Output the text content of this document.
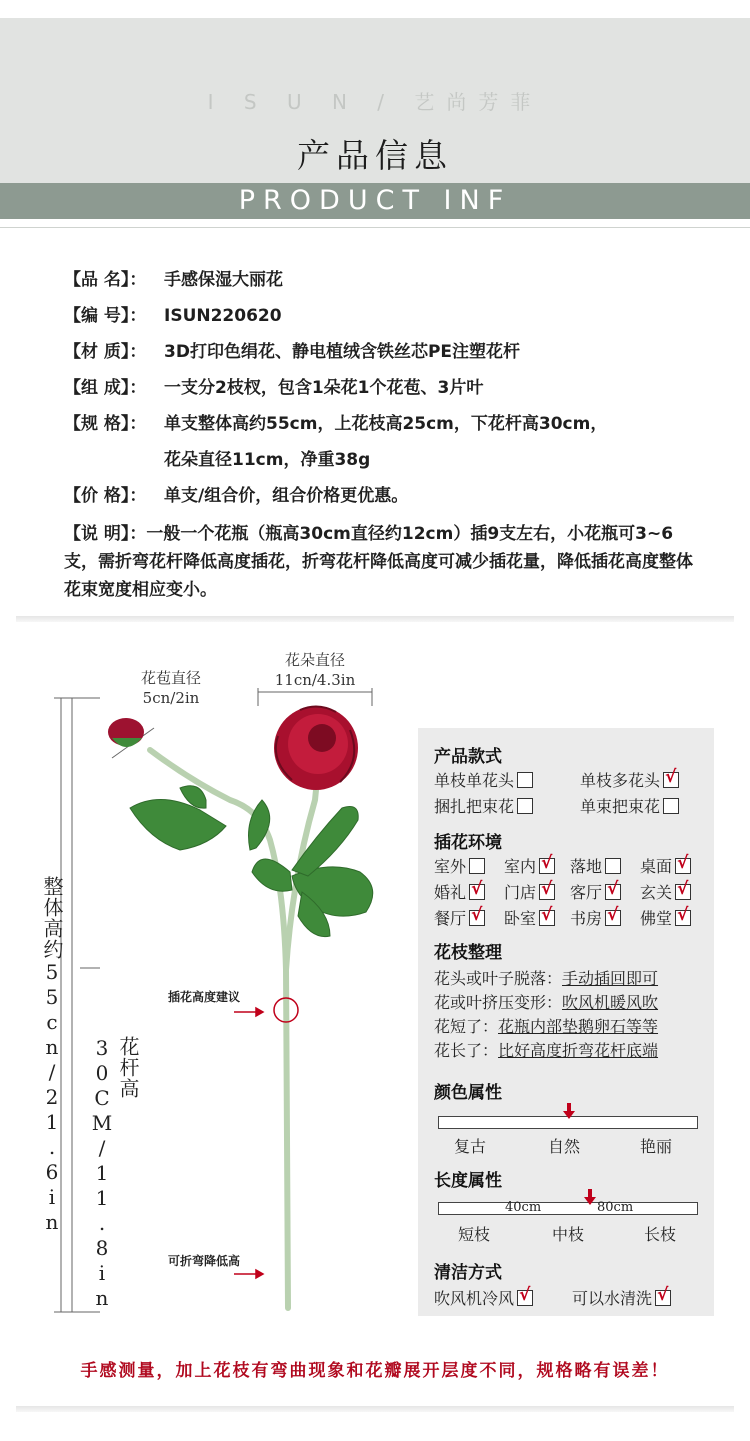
I S U N / 艺尚芳菲
产品信息
PRODUCT INF
【品 名】：	手感保湿大丽花
【编 号】：	ISUN220620
【材 质】：	3D打印色绢花、静电植绒含铁丝芯PE注塑花杆
【组 成】：	一支分2枝杈，包含1朵花1个花苞、3片叶
【规 格】：	单支整体高约55cm，上花枝高25cm，下花杆高30cm，
花朵直径11cm，净重38g
【价 格】：	单支/组合价，组合价格更优惠。
【说 明】：一般一个花瓶（瓶高30cm直径约12cm）插9支左右，小花瓶可3~6支，需折弯花杆降低高度插花，折弯花杆降低高度可减少插花量，降低插花高度整体花束宽度相应变小。
花苞直径
5cn/2in
花朵直径
11cn/4.3in
整体高约55cn/21.6in	花杆高30CM/11.8in
插花高度建议
可折弯降低高
产品款式
单枝单花头	单枝多花头√
捆扎把束花	单束把束花
插花环境
室外	室内 √	落地	桌面√
婚礼 √	门店 √	客厅 √	玄关√
餐厅 √	卧室 √	书房 √	佛堂√
花枝整理
花头或叶子脱落：手动插回即可
花或叶挤压变形：吹风机暖风吹
花短了：花瓶内部垫鹅卵石等等
花长了：比好高度折弯花杆底端
颜色属性
复古	自然	艳丽
长度属性
40cm	80cm
短枝	中枝	长枝
清洁方式
吹风机冷风 √	可以水清洗√
手感测量，加上花枝有弯曲现象和花瓣展开层度不同，规格略有误差！
